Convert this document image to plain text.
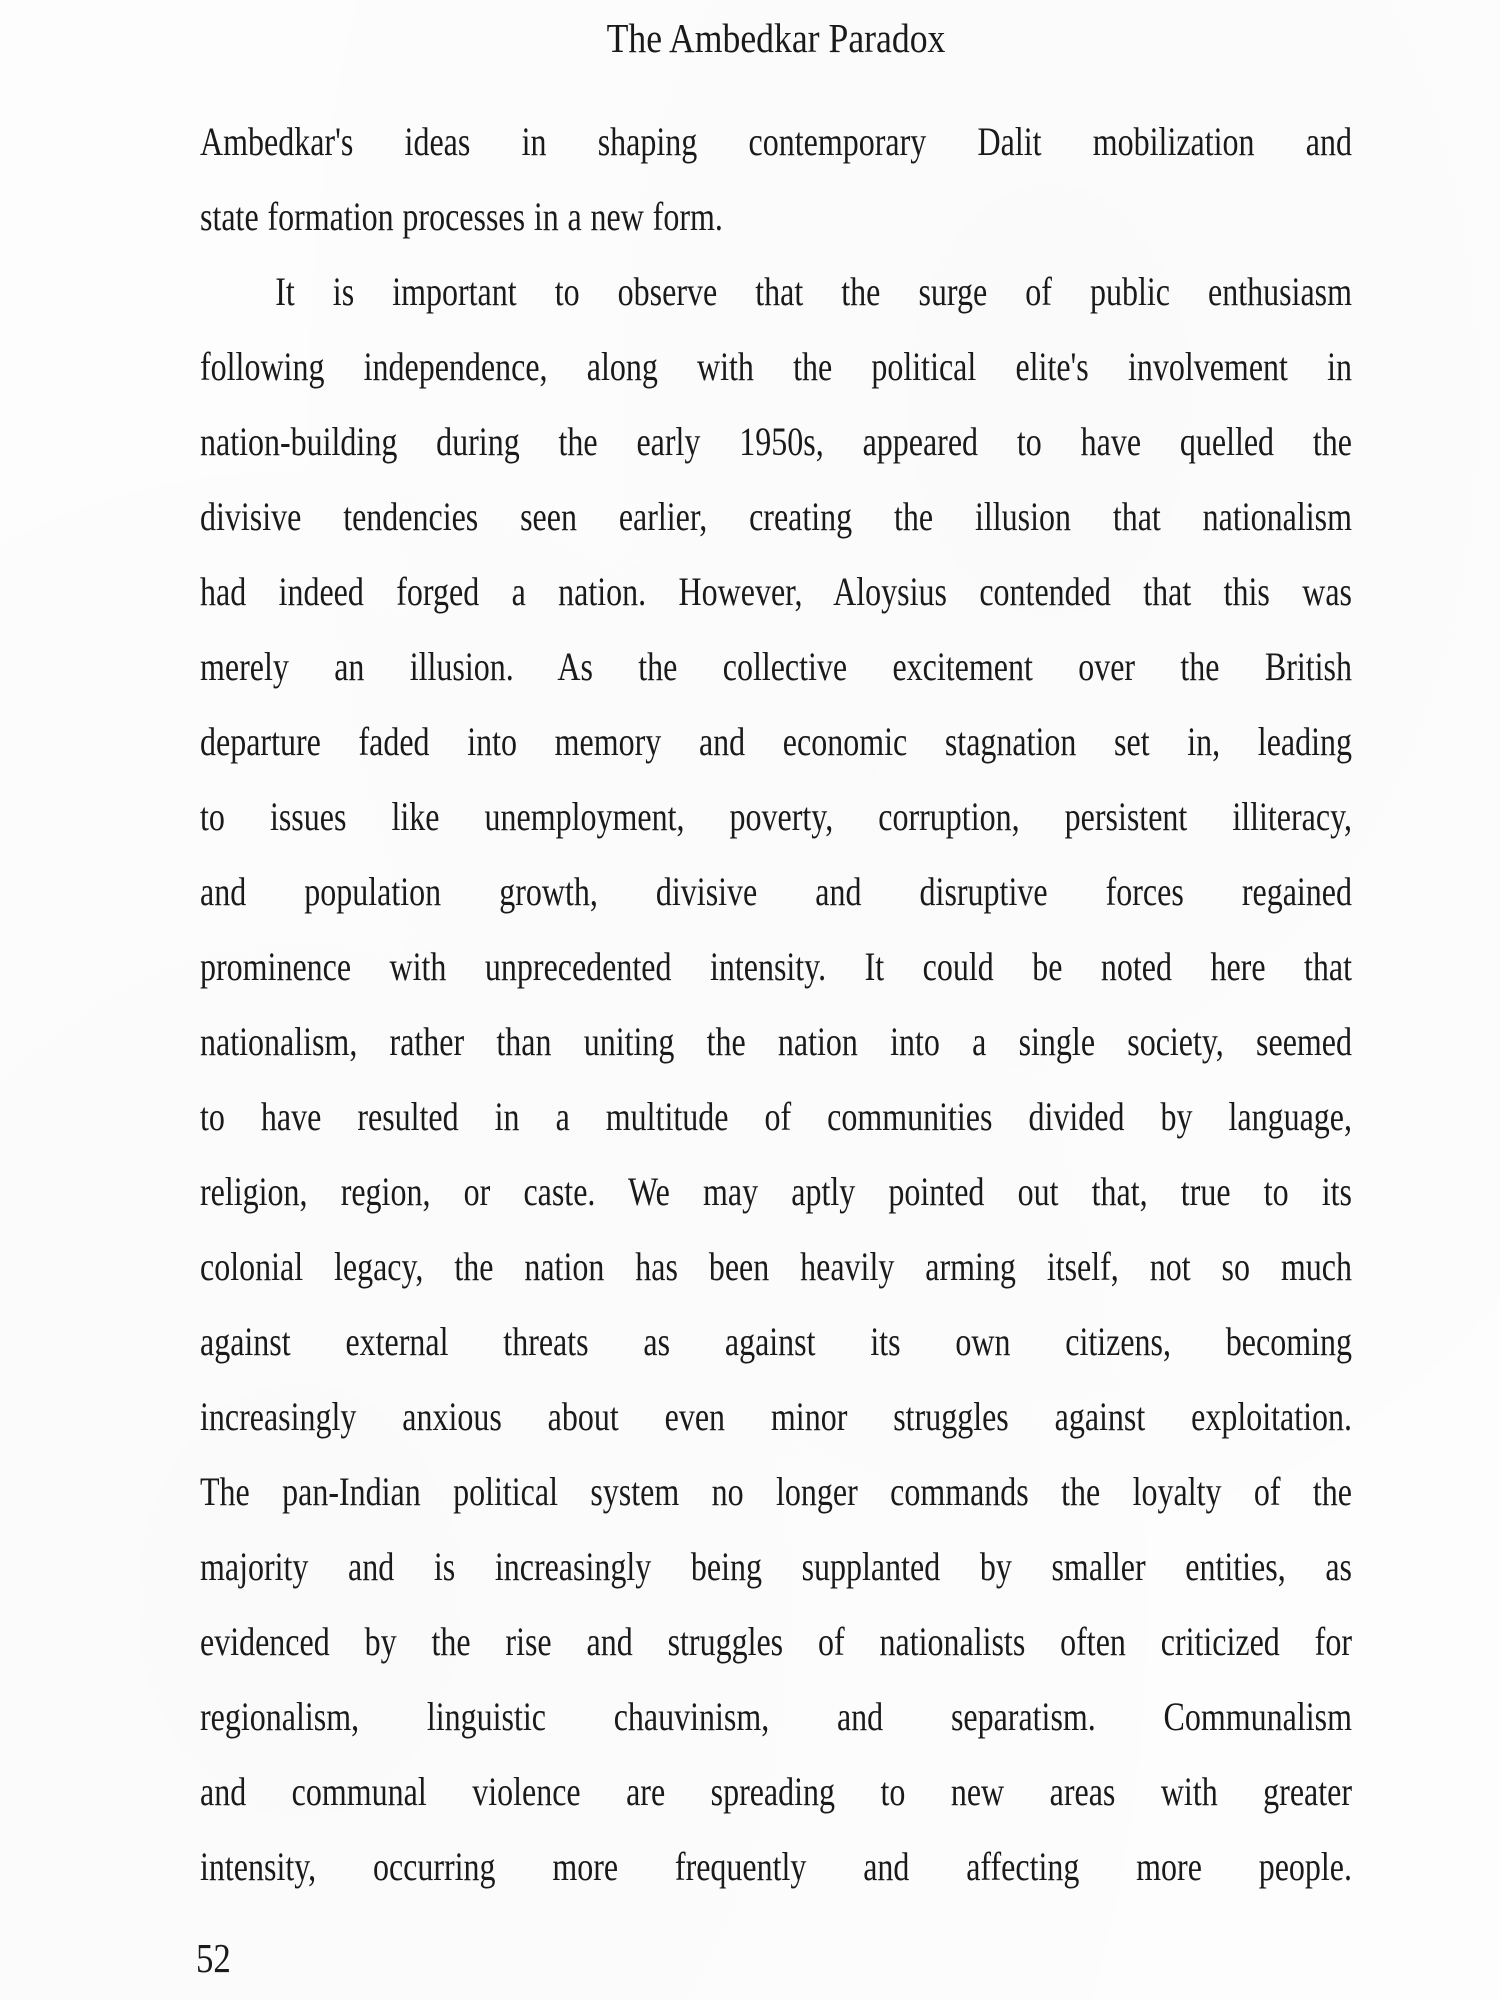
The Ambedkar Paradox
Ambedkar's ideas in shaping contemporary Dalit mobilization and
state formation processes in a new form.
It is important to observe that the surge of public enthusiasm
following independence, along with the political elite's involvement in
nation-building during the early 1950s, appeared to have quelled the
divisive tendencies seen earlier, creating the illusion that nationalism
had indeed forged a nation. However, Aloysius contended that this was
merely an illusion. As the collective excitement over the British
departure faded into memory and economic stagnation set in, leading
to issues like unemployment, poverty, corruption, persistent illiteracy,
and population growth, divisive and disruptive forces regained
prominence with unprecedented intensity. It could be noted here that
nationalism, rather than uniting the nation into a single society, seemed
to have resulted in a multitude of communities divided by language,
religion, region, or caste. We may aptly pointed out that, true to its
colonial legacy, the nation has been heavily arming itself, not so much
against external threats as against its own citizens, becoming
increasingly anxious about even minor struggles against exploitation.
The pan-Indian political system no longer commands the loyalty of the
majority and is increasingly being supplanted by smaller entities, as
evidenced by the rise and struggles of nationalists often criticized for
regionalism, linguistic chauvinism, and separatism. Communalism
and communal violence are spreading to new areas with greater
intensity, occurring more frequently and affecting more people.
52
